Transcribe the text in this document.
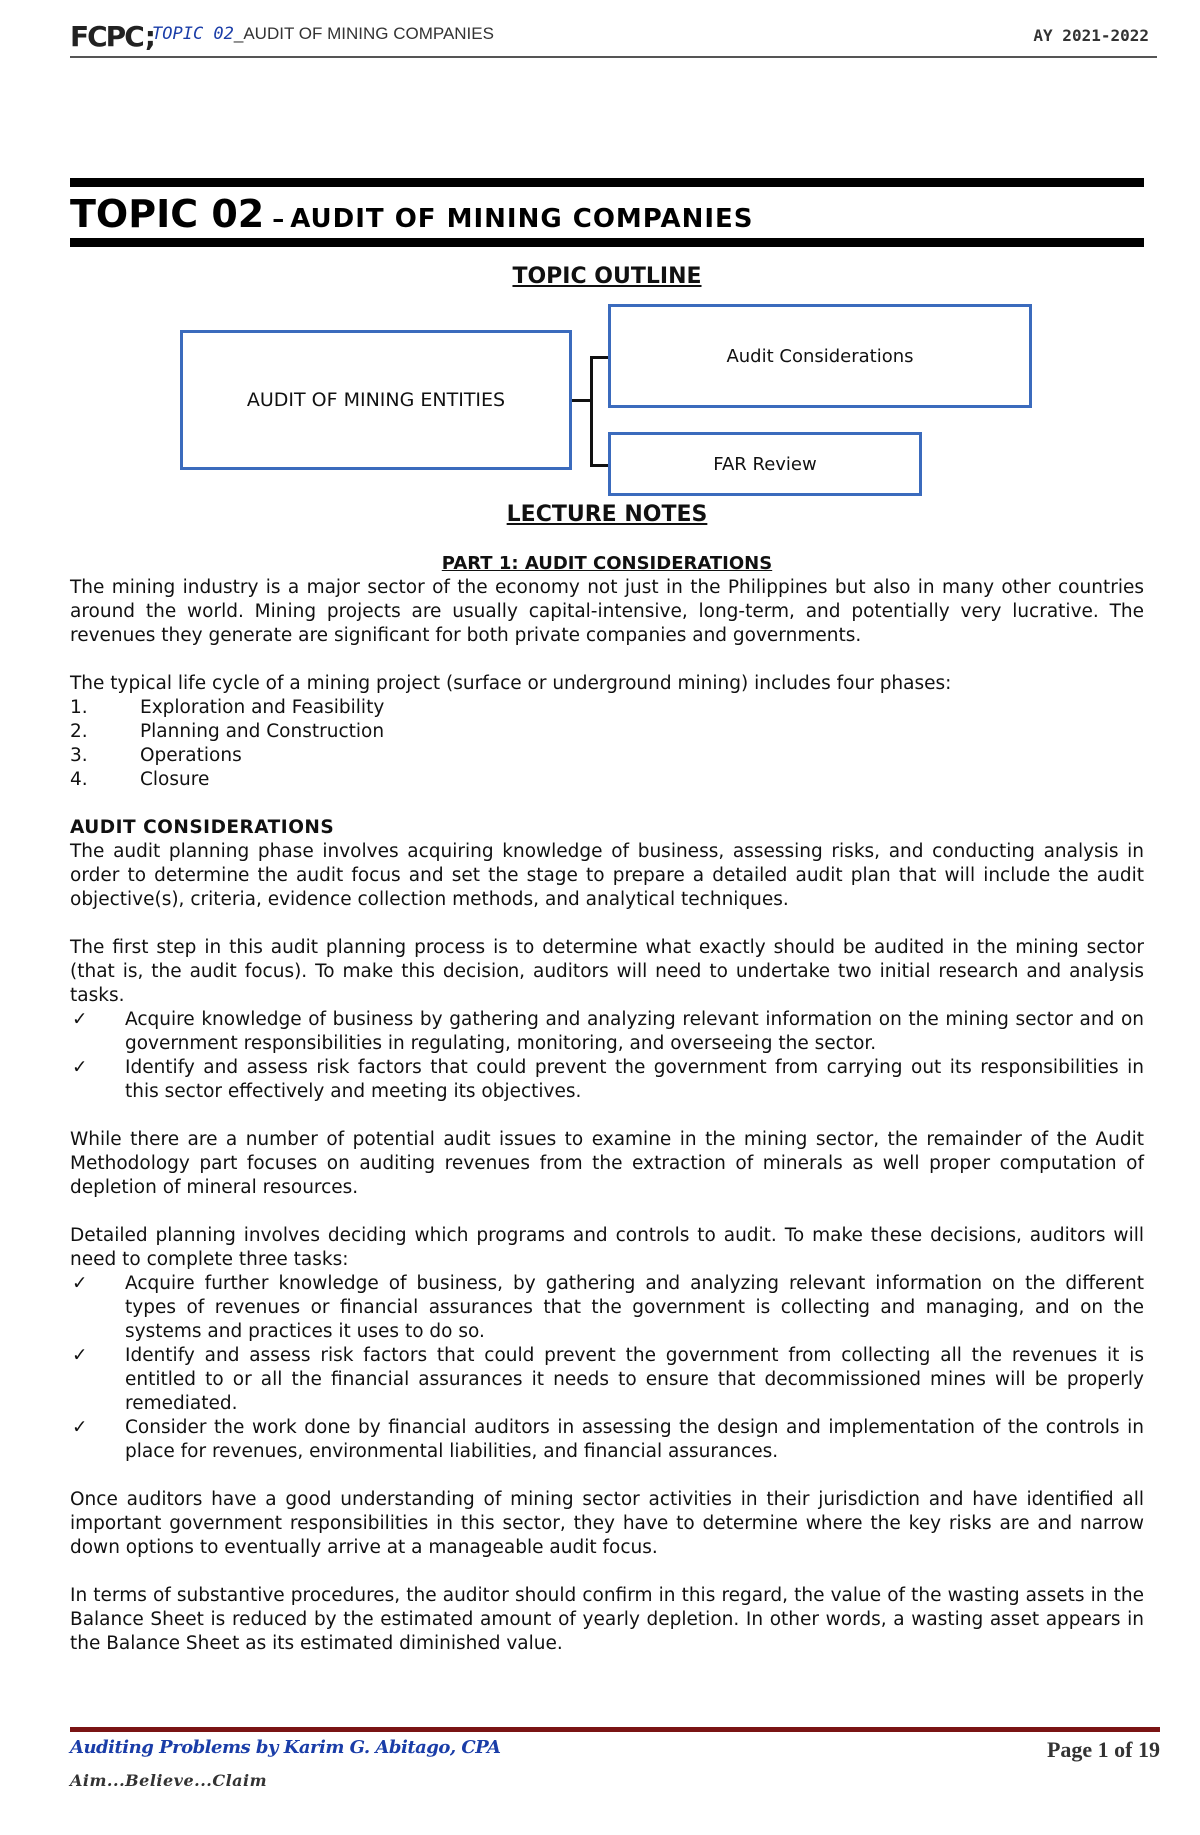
FCPC;
TOPIC 02_AUDIT OF MINING COMPANIES	AY 2021-2022
TOPIC 02 – AUDIT OF MINING COMPANIES
TOPIC OUTLINE
AUDIT OF MINING ENTITIES
Audit Considerations
FAR Review
LECTURE NOTES
PART 1: AUDIT CONSIDERATIONS

The mining industry is a major sector of the economy not just in the Philippines but also in many other countries around the world. Mining projects are usually capital-intensive, long-term, and potentially very lucrative. The revenues they generate are significant for both private companies and governments.

The typical life cycle of a mining project (surface or underground mining) includes four phases:

1.	Exploration and Feasibility
2.	Planning and Construction
3.	Operations
4.	Closure
AUDIT CONSIDERATIONS

The audit planning phase involves acquiring knowledge of business, assessing risks, and conducting analysis in order to determine the audit focus and set the stage to prepare a detailed audit plan that will include the audit objective(s), criteria, evidence collection methods, and analytical techniques.

The first step in this audit planning process is to determine what exactly should be audited in the mining sector (that is, the audit focus). To make this decision, auditors will need to undertake two initial research and analysis tasks.

✓	Acquire knowledge of business by gathering and analyzing relevant information on the mining sector and on government responsibilities in regulating, monitoring, and overseeing the sector.
✓	Identify and assess risk factors that could prevent the government from carrying out its responsibilities in this sector effectively and meeting its objectives.

While there are a number of potential audit issues to examine in the mining sector, the remainder of the Audit Methodology part focuses on auditing revenues from the extraction of minerals as well proper computation of depletion of mineral resources.

Detailed planning involves deciding which programs and controls to audit. To make these decisions, auditors will need to complete three tasks:

✓	Acquire further knowledge of business, by gathering and analyzing relevant information on the different types of revenues or financial assurances that the government is collecting and managing, and on the systems and practices it uses to do so.
✓	Identify and assess risk factors that could prevent the government from collecting all the revenues it is entitled to or all the financial assurances it needs to ensure that decommissioned mines will be properly remediated.
✓	Consider the work done by financial auditors in assessing the design and implementation of the controls in place for revenues, environmental liabilities, and financial assurances.

Once auditors have a good understanding of mining sector activities in their jurisdiction and have identified all important government responsibilities in this sector, they have to determine where the key risks are and narrow down options to eventually arrive at a manageable audit focus.

In terms of substantive procedures, the auditor should confirm in this regard, the value of the wasting assets in the Balance Sheet is reduced by the estimated amount of yearly depletion. In other words, a wasting asset appears in the Balance Sheet as its estimated diminished value.

Auditing Problems by Karim G. Abitago, CPA
Aim...Believe...Claim
Page 1 of 19
